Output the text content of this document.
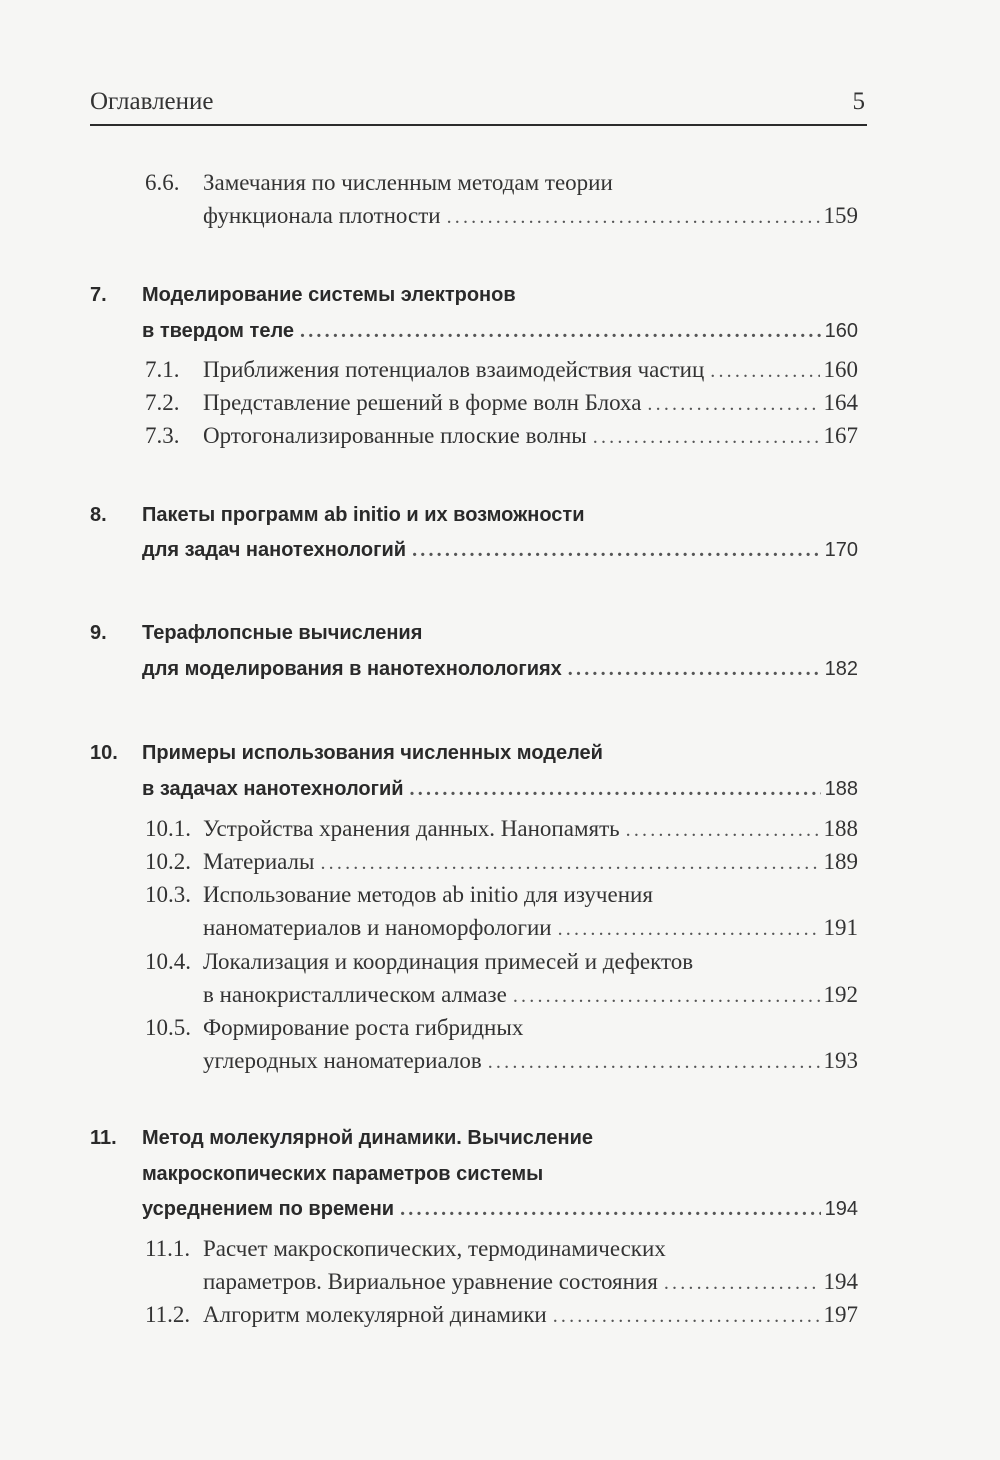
Оглавление	5
6.6.	Замечания по численным методам теории
функционала плотности .....	159
7.	Моделирование системы электронов
в твердом теле .....	160
7.1.	Приближения потенциалов взаимодействия частиц .....	160
7.2.	Представление решений в форме волн Блоха .....	164
7.3.	Ортогонализированные плоские волны .....	167
8.	Пакеты программ ab initio и их возможности
для задач нанотехнологий .....	170
9.	Терафлопсные вычисления
для моделирования в нанотехнолологиях .....	182
10.	Примеры использования численных моделей
в задачах нанотехнологий .....	188
10.1. Устройства хранения данных. Нанопамять .....	188
10.2. Материалы .....	189
10.3. Использование методов ab initio для изучения
наноматериалов и наноморфологии .....	191
10.4. Локализация и координация примесей и дефектов
в нанокристаллическом алмазе .....	192
10.5. Формирование роста гибридных
углеродных наноматериалов .....	193
11.	Метод молекулярной динамики. Вычисление
макроскопических параметров системы
усреднением по времени .....	194
11.1. Расчет макроскопических, термодинамических
параметров. Вириальное уравнение состояния .....	194
11.2. Алгоритм молекулярной динамики .....	197
